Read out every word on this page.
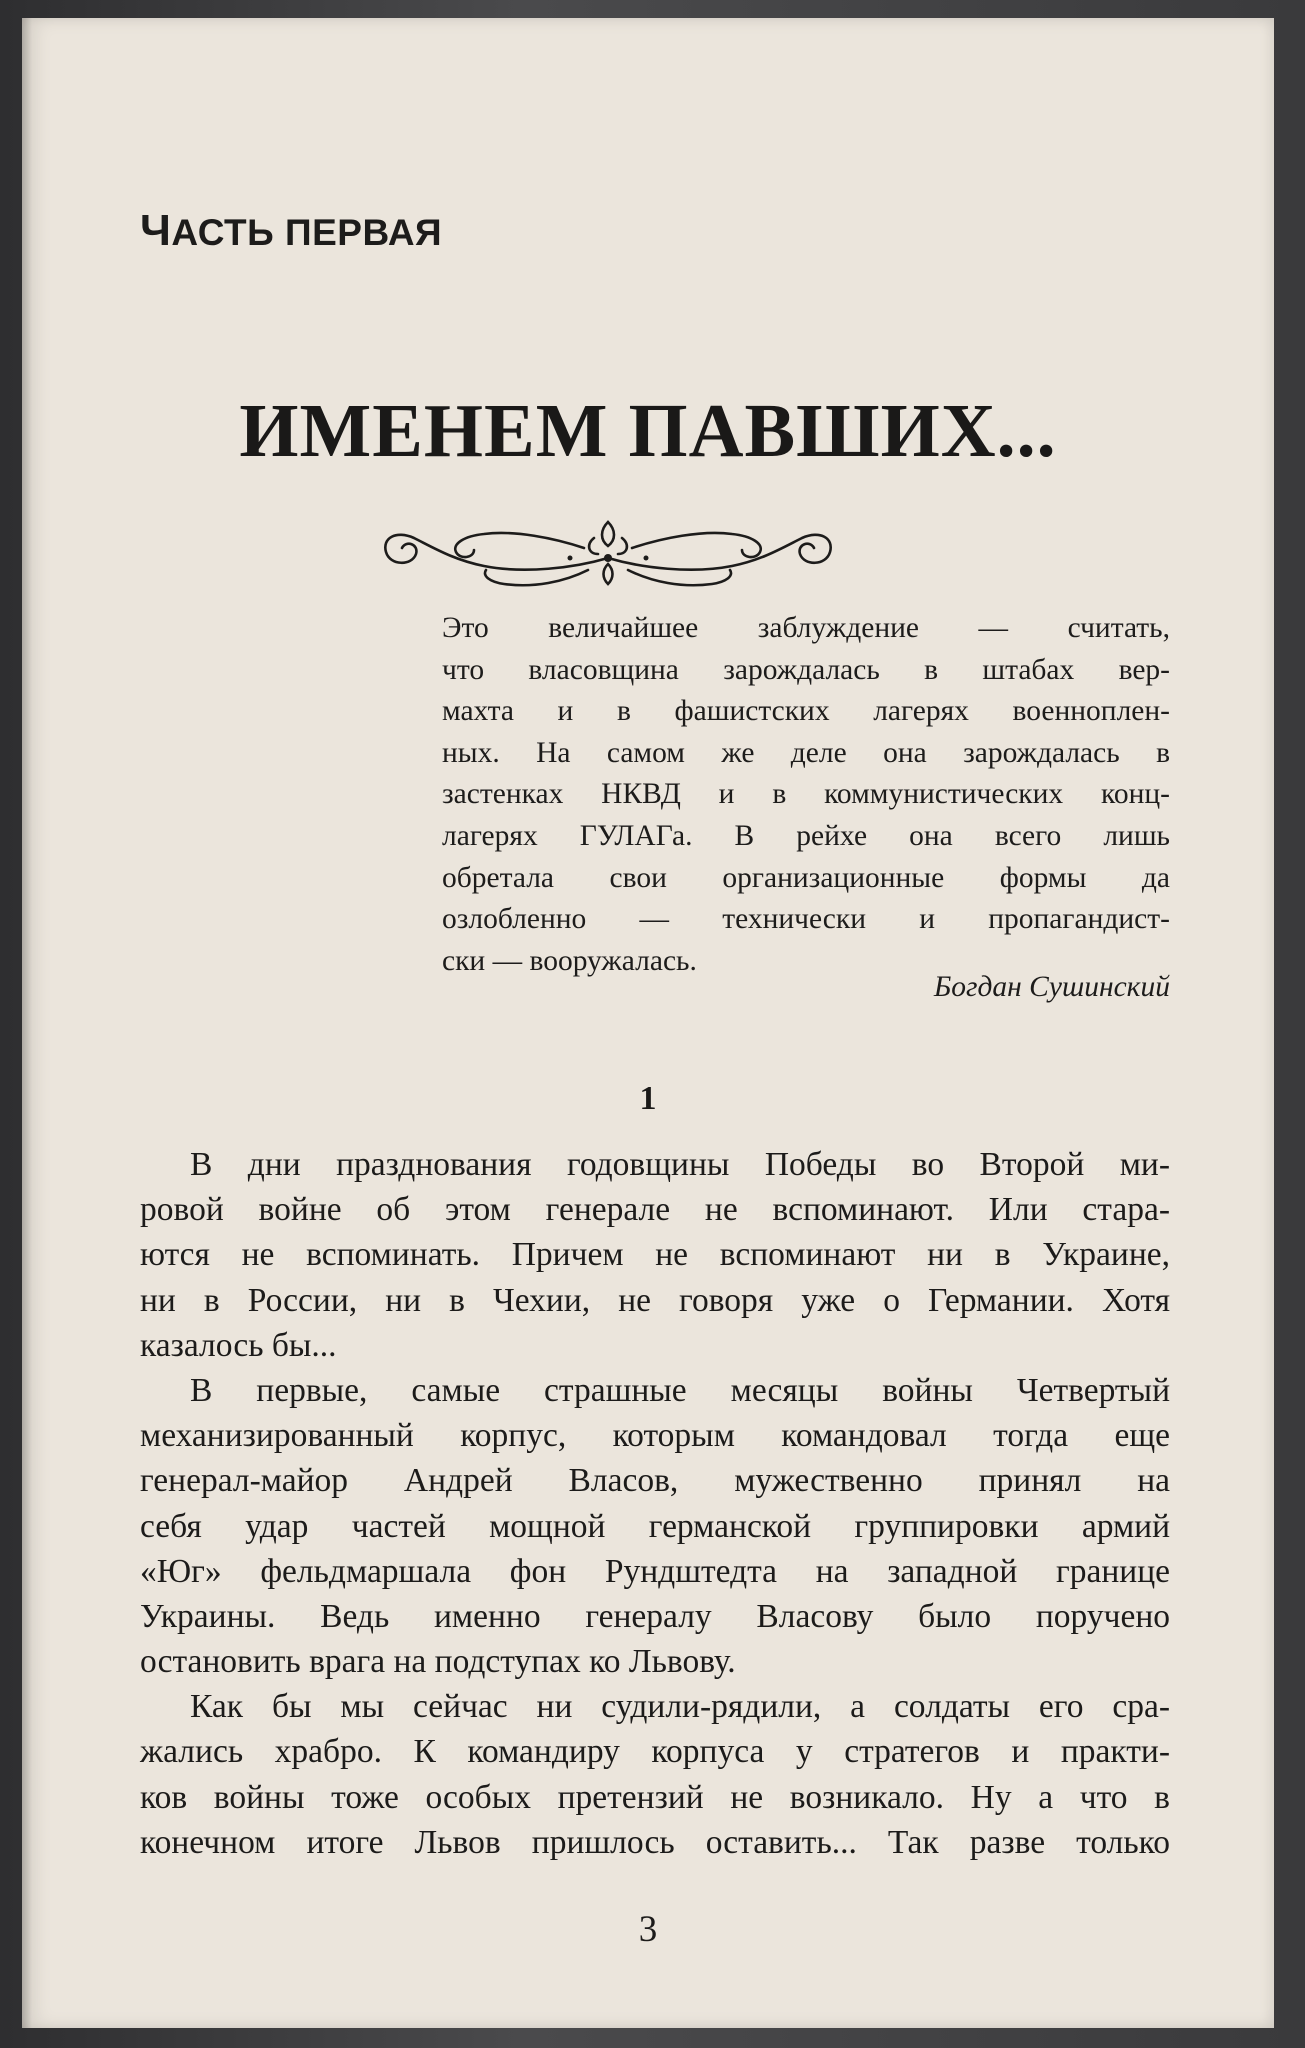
ЧАСТЬ ПЕРВАЯ
ИМЕНЕМ ПАВШИХ...
Это величайшее заблуждение — считать,
что власовщина зарождалась в штабах вер-
махта и в фашистских лагерях военноплен-
ных. На самом же деле она зарождалась в
застенках НКВД и в коммунистических конц-
лагерях ГУЛАГа. В рейхе она всего лишь
обретала свои организационные формы да
озлобленно — технически и пропагандист-
ски — вооружалась.
Богдан Сушинский
1
В дни празднования годовщины Победы во Второй ми-
ровой войне об этом генерале не вспоминают. Или стара-
ются не вспоминать. Причем не вспоминают ни в Украине,
ни в России, ни в Чехии, не говоря уже о Германии. Хотя
казалось бы...
В первые, самые страшные месяцы войны Четвертый
механизированный корпус, которым командовал тогда еще
генерал-майор Андрей Власов, мужественно принял на
себя удар частей мощной германской группировки армий
«Юг» фельдмаршала фон Рундштедта на западной границе
Украины. Ведь именно генералу Власову было поручено
остановить врага на подступах ко Львову.
Как бы мы сейчас ни судили-рядили, а солдаты его сра-
жались храбро. К командиру корпуса у стратегов и практи-
ков войны тоже особых претензий не возникало. Ну а что в
конечном итоге Львов пришлось оставить... Так разве только
3
